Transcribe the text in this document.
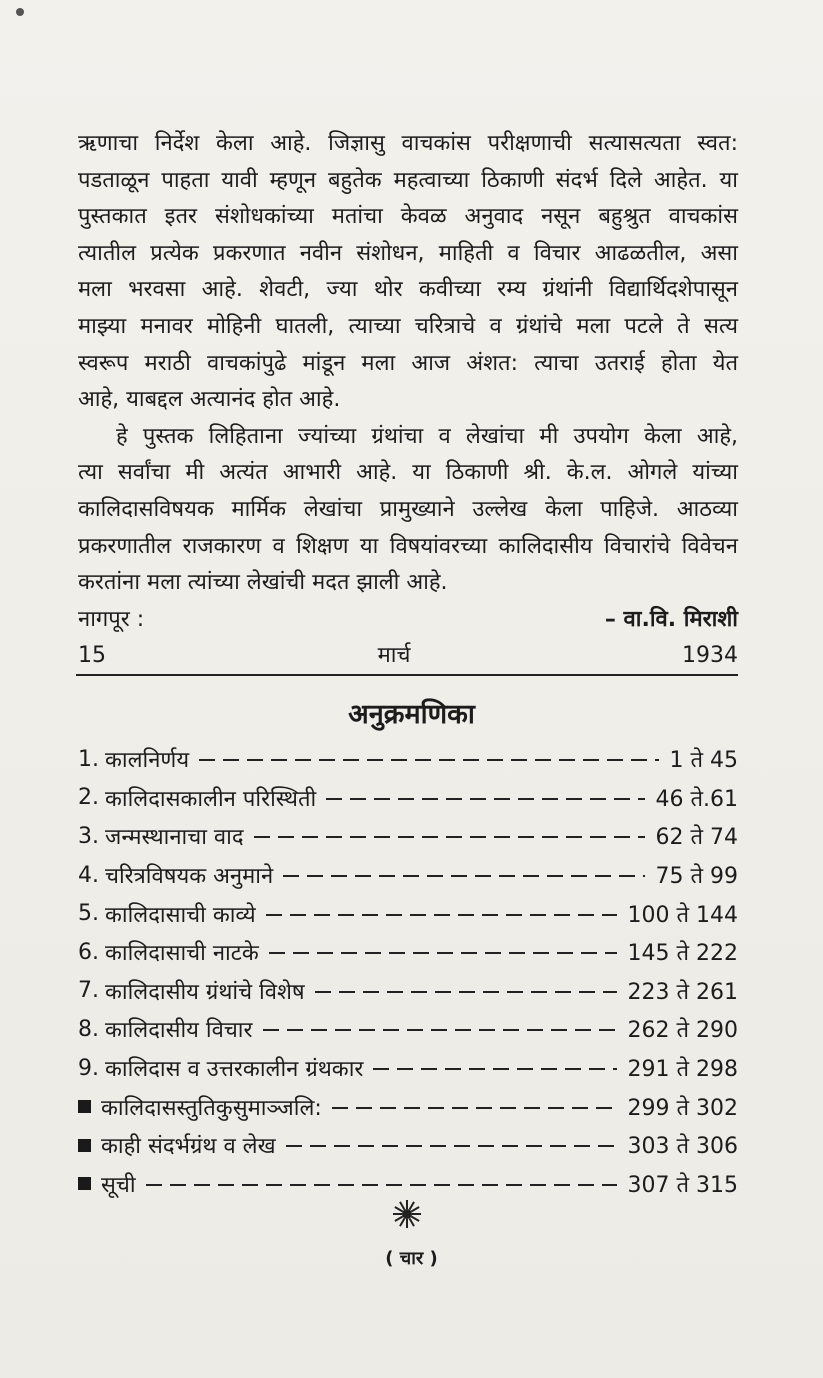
ऋणाचा निर्देश केला आहे. जिज्ञासु वाचकांस परीक्षणाची सत्यासत्यता स्वत:

पडताळून पाहता यावी म्हणून बहुतेक महत्वाच्या ठिकाणी संदर्भ दिले आहेत. या

पुस्तकात इतर संशोधकांच्या मतांचा केवळ अनुवाद नसून बहुश्रुत वाचकांस

त्यातील प्रत्येक प्रकरणात नवीन संशोधन, माहिती व विचार आढळतील, असा

मला भरवसा आहे. शेवटी, ज्या थोर कवीच्या रम्य ग्रंथांनी विद्यार्थिदशेपासून

माझ्या मनावर मोहिनी घातली, त्याच्या चरित्राचे व ग्रंथांचे मला पटले ते सत्य

स्वरूप मराठी वाचकांपुढे मांडून मला आज अंशत: त्याचा उतराई होता येत

आहे, याबद्दल अत्यानंद होत आहे.

हे पुस्तक लिहिताना ज्यांच्या ग्रंथांचा व लेखांचा मी उपयोग केला आहे,

त्या सर्वांचा मी अत्यंत आभारी आहे. या ठिकाणी श्री. के.ल. ओगले यांच्या

कालिदासविषयक मार्मिक लेखांचा प्रामुख्याने उल्लेख केला पाहिजे. आठव्या

प्रकरणातील राजकारण व शिक्षण या विषयांवरच्या कालिदासीय विचारांचे विवेचन

करतांना मला त्यांच्या लेखांची मदत झाली आहे.

नागपूर :	– वा.वि. मिराशी

15 मार्च 1934

अनुक्रमणिका
1. कालनिर्णय	1 ते 45
2. कालिदासकालीन परिस्थिती	46 ते.61
3. जन्मस्थानाचा वाद	62 ते 74
4. चरित्रविषयक अनुमाने	75 ते 99
5. कालिदासाची काव्ये	100 ते 144
6. कालिदासाची नाटके	145 ते 222
7. कालिदासीय ग्रंथांचे विशेष	223 ते 261
8. कालिदासीय विचार	262 ते 290
9. कालिदास व उत्तरकालीन ग्रंथकार	291 ते 298
कालिदासस्तुतिकुसुमाञ्जलि:	299 ते 302
काही संदर्भग्रंथ व लेख	303 ते 306
सूची	307 ते 315
( चार )
